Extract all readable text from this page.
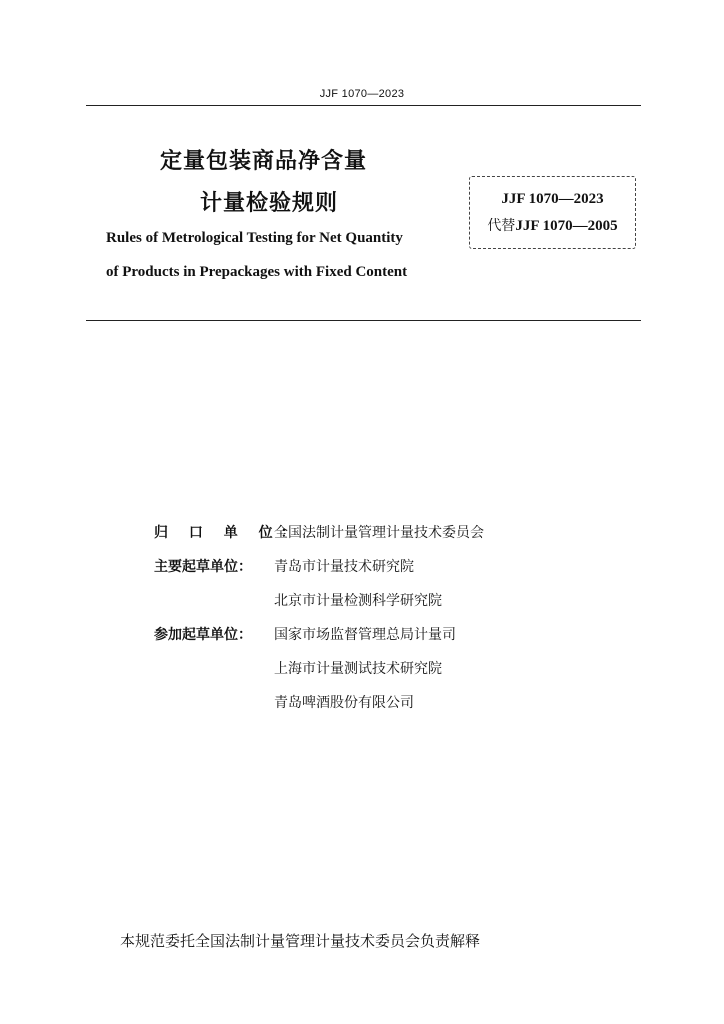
JJF 1070—2023
定量包装商品净含量
计量检验规则
Rules of Metrological Testing for Net Quantity
of Products in Prepackages with Fixed Content
JJF 1070—2023
代替JJF 1070—2005
归 口 单 位：
全国法制计量管理计量技术委员会
主要起草单位：	青岛市计量技术研究院
北京市计量检测科学研究院
参加起草单位：	国家市场监督管理总局计量司
上海市计量测试技术研究院
青岛啤酒股份有限公司
本规范委托全国法制计量管理计量技术委员会负责解释
